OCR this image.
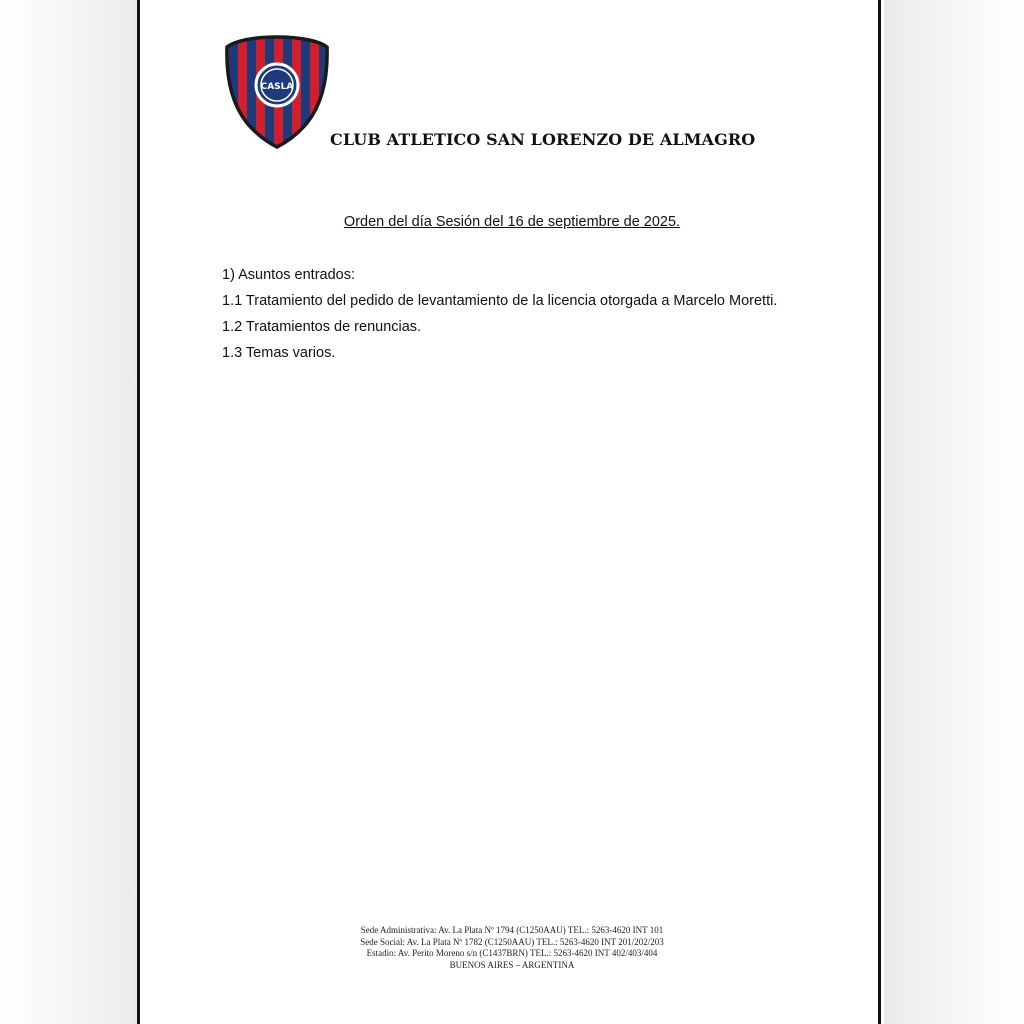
CASLA
CLUB ATLETICO SAN LORENZO DE ALMAGRO
Orden del día Sesión del 16 de septiembre de 2025.
1) Asuntos entrados:
1.1 Tratamiento del pedido de levantamiento de la licencia otorgada a Marcelo Moretti.
1.2 Tratamientos de renuncias.
1.3 Temas varios.
Sede Administrativa: Av. La Plata Nº 1794 (C1250AAU) TEL.: 5263-4620 INT 101
Sede Social: Av. La Plata Nº 1782 (C1250AAU) TEL.: 5263-4620 INT 201/202/203
Estadio: Av. Perito Moreno s/n (C1437BRN) TEL.: 5263-4620 INT 402/403/404
BUENOS AIRES – ARGENTINA
